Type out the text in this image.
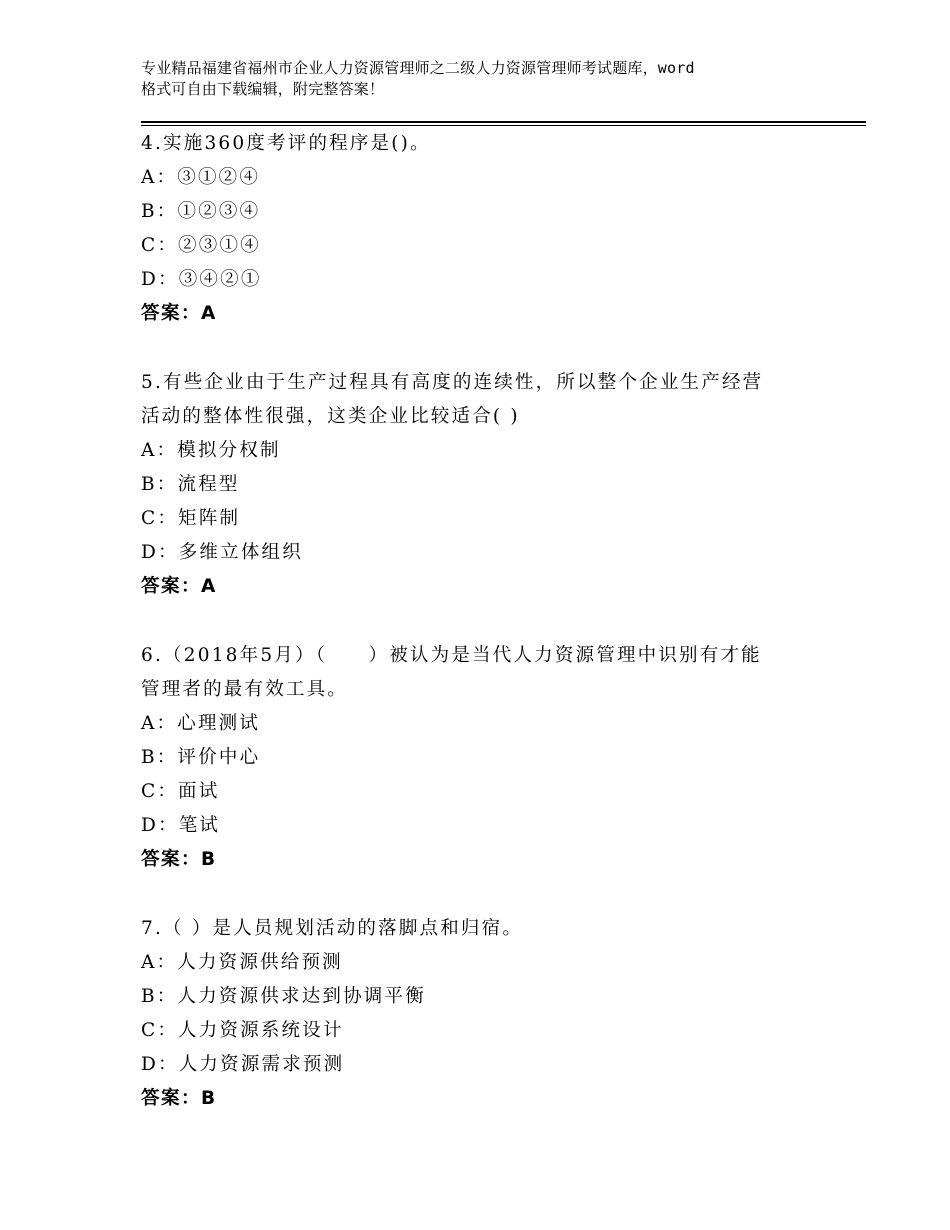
专业精品福建省福州市企业人力资源管理师之二级人力资源管理师考试题库，word
格式可自由下载编辑，附完整答案！
4.实施360度考评的程序是()。
A：③①②④
B：①②③④
C：②③①④
D：③④②①
答案：A
5.有些企业由于生产过程具有高度的连续性，所以整个企业生产经营
活动的整体性很强，这类企业比较适合( )
A：模拟分权制
B：流程型
C：矩阵制
D：多维立体组织
答案：A
6.（2018年5月）（　　）被认为是当代人力资源管理中识别有才能
管理者的最有效工具。
A：心理测试
B：评价中心
C：面试
D：笔试
答案：B
7.（ ）是人员规划活动的落脚点和归宿。
A：人力资源供给预测
B：人力资源供求达到协调平衡
C：人力资源系统设计
D：人力资源需求预测
答案：B
